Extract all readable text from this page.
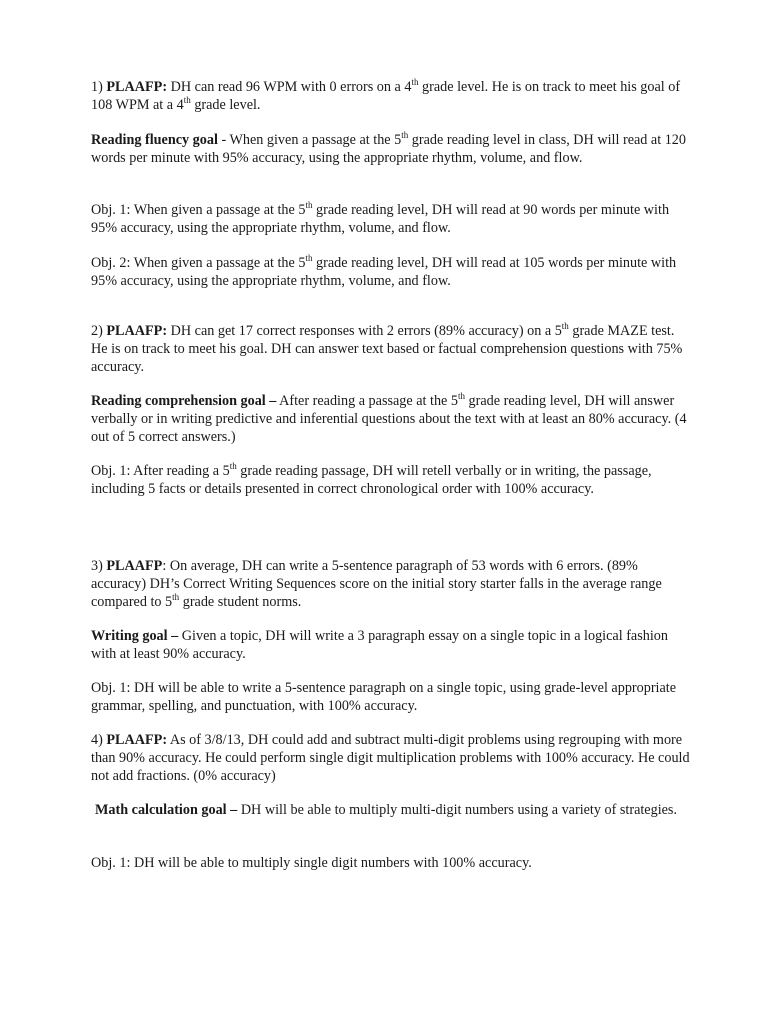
1) PLAAFP: DH can read 96 WPM with 0 errors on a 4th grade level. He is on track to meet his goal of 108 WPM at a 4th grade level.

Reading fluency goal - When given a passage at the 5th grade reading level in class, DH will read at 120 words per minute with 95% accuracy, using the appropriate rhythm, volume, and flow.

Obj. 1: When given a passage at the 5th grade reading level, DH will read at 90 words per minute with 95% accuracy, using the appropriate rhythm, volume, and flow.

Obj. 2: When given a passage at the 5th grade reading level, DH will read at 105 words per minute with 95% accuracy, using the appropriate rhythm, volume, and flow.

2) PLAAFP: DH can get 17 correct responses with 2 errors (89% accuracy) on a 5th grade MAZE test. He is on track to meet his goal. DH can answer text based or factual comprehension questions with 75% accuracy.

Reading comprehension goal – After reading a passage at the 5th grade reading level, DH will answer verbally or in writing predictive and inferential questions about the text with at least an 80% accuracy. (4 out of 5 correct answers.)

Obj. 1: After reading a 5th grade reading passage, DH will retell verbally or in writing, the passage, including 5 facts or details presented in correct chronological order with 100% accuracy.

3) PLAAFP: On average, DH can write a 5-sentence paragraph of 53 words with 6 errors. (89% accuracy) DH’s Correct Writing Sequences score on the initial story starter falls in the average range compared to 5th grade student norms.

Writing goal – Given a topic, DH will write a 3 paragraph essay on a single topic in a logical fashion with at least 90% accuracy.

Obj. 1: DH will be able to write a 5-sentence paragraph on a single topic, using grade-level appropriate grammar, spelling, and punctuation, with 100% accuracy.

4) PLAAFP: As of 3/8/13, DH could add and subtract multi-digit problems using regrouping with more than 90% accuracy. He could perform single digit multiplication problems with 100% accuracy. He could not add fractions. (0% accuracy)

Math calculation goal – DH will be able to multiply multi-digit numbers using a variety of strategies.

Obj. 1: DH will be able to multiply single digit numbers with 100% accuracy.
